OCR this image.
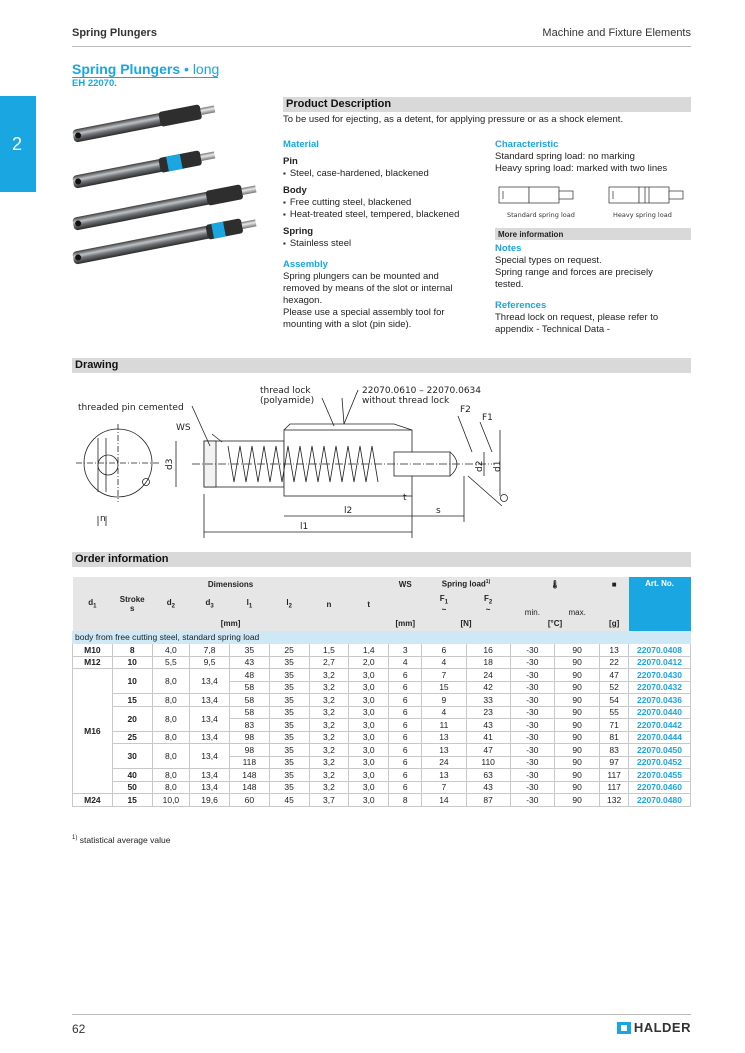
Spring Plungers	Machine and Fixture Elements
2
Spring Plungers • long
EH 22070.
Product Description
To be used for ejecting, as a detent, for applying pressure or as a shock element.
Material
Pin
▪ Steel, case-hardened, blackened
Body
▪ Free cutting steel, blackened
▪ Heat-treated steel, tempered, blackened
Spring
▪ Stainless steel
Assembly
Spring plungers can be mounted and
removed by means of the slot or internal
hexagon.
Please use a special assembly tool for
mounting with a slot (pin side).
Characteristic
Standard spring load: no marking
Heavy spring load: marked with two lines
Standard spring load	Heavy spring load
More information
Notes
Special types on request.
Spring range and forces are precisely
tested.
References
Thread lock on request, please refer to
appendix - Technical Data -
Drawing
thread lock
(polyamide)
22070.0610 – 22070.0634
without thread lock
threaded pin cemented
WS
F2
F1
d3	d2 d1
n
t
l2	s
l1
Order information
Dimensions								WS	Spring load$^{1)}$		🌡		■	Art. No.
$d_1$	Stroke
s	$d_2$	$d_3$	$l_1$	$l_2$	n	t		$F_1$
~	$F_2$
~	min.	max.		
[mm]								[mm]	[N]		[°C]		[g]	
body from free cutting steel, standard spring load														
M10	8	4,0	7,8	35	25	1,5	1,4	3	6	16	-30	90	13	22070.0408
M12	10	5,5	9,5	43	35	2,7	2,0	4	4	18	-30	90	22	22070.0412
M16	10	8,0	13,4	48	35	3,2	3,0	6	7	24	-30	90	47	22070.0430
				58	35	3,2	3,0	6	15	42	-30	90	52	22070.0432
	15	8,0	13,4	58	35	3,2	3,0	6	9	33	-30	90	54	22070.0436
	20	8,0	13,4	58	35	3,2	3,0	6	4	23	-30	90	55	22070.0440
				83	35	3,2	3,0	6	11	43	-30	90	71	22070.0442
	25	8,0	13,4	98	35	3,2	3,0	6	13	41	-30	90	81	22070.0444
	30	8,0	13,4	98	35	3,2	3,0	6	13	47	-30	90	83	22070.0450
				118	35	3,2	3,0	6	24	110	-30	90	97	22070.0452
	40	8,0	13,4	148	35	3,2	3,0	6	13	63	-30	90	117	22070.0455
	50	8,0	13,4	148	35	3,2	3,0	6	7	43	-30	90	117	22070.0460
M24	15	10,0	19,6	60	45	3,7	3,0	8	14	87	-30	90	132	22070.0480
$^{1)}$ statistical average value
62	HALDER
